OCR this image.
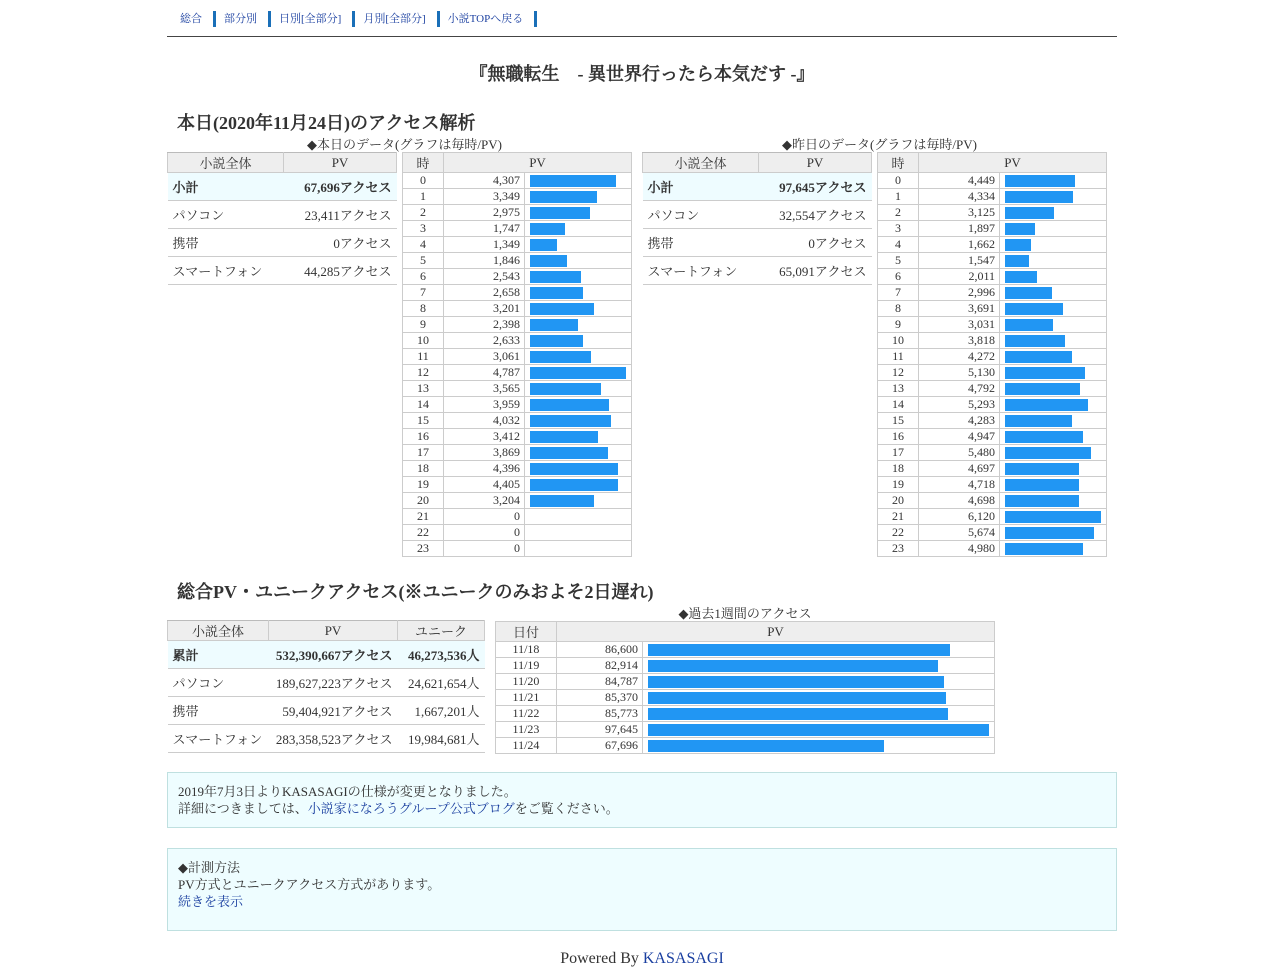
総合	部分別	日別[全部分]	月別[全部分]	小説TOPへ戻る
『無職転生　- 異世界行ったら本気だす -』
本日(2020年11月24日)のアクセス解析
◆本日のデータ(グラフは毎時/PV)	◆昨日のデータ(グラフは毎時/PV)
小説全体	PV
小計	67,696アクセス
パソコン	23,411アクセス
携帯	0アクセス
スマートフォン	44,285アクセス
時	PV	
0	4,307	

1	3,349	

2	2,975	

3	1,747	

4	1,349	

5	1,846	

6	2,543	

7	2,658	

8	3,201	

9	2,398	

10	2,633	

11	3,061	

12	4,787	

13	3,565	

14	3,959	

15	4,032	

16	3,412	

17	3,869	

18	4,396	

19	4,405	

20	3,204	

21	0	

22	0	

23	0	
小説全体	PV
小計	97,645アクセス
パソコン	32,554アクセス
携帯	0アクセス
スマートフォン	65,091アクセス
時	PV	
0	4,449	

1	4,334	

2	3,125	

3	1,897	

4	1,662	

5	1,547	

6	2,011	

7	2,996	

8	3,691	

9	3,031	

10	3,818	

11	4,272	

12	5,130	

13	4,792	

14	5,293	

15	4,283	

16	4,947	

17	5,480	

18	4,697	

19	4,718	

20	4,698	

21	6,120	

22	5,674	

23	4,980	
総合PV・ユニークアクセス(※ユニークのみおよそ2日遅れ)
◆過去1週間のアクセス
小説全体	PV	ユニーク
累計	532,390,667アクセス	46,273,536人
パソコン	189,627,223アクセス	24,621,654人
携帯	59,404,921アクセス	1,667,201人
スマートフォン	283,358,523アクセス	19,984,681人
日付	PV	
11/18	86,600	

11/19	82,914	

11/20	84,787	

11/21	85,370	

11/22	85,773	

11/23	97,645	

11/24	67,696	
2019年7月3日よりKASASAGIの仕様が変更となりました。
詳細につきましては、小説家になろうグループ公式ブログをご覧ください。
◆計測方法
PV方式とユニークアクセス方式があります。
続きを表示
Powered By KASASAGI
